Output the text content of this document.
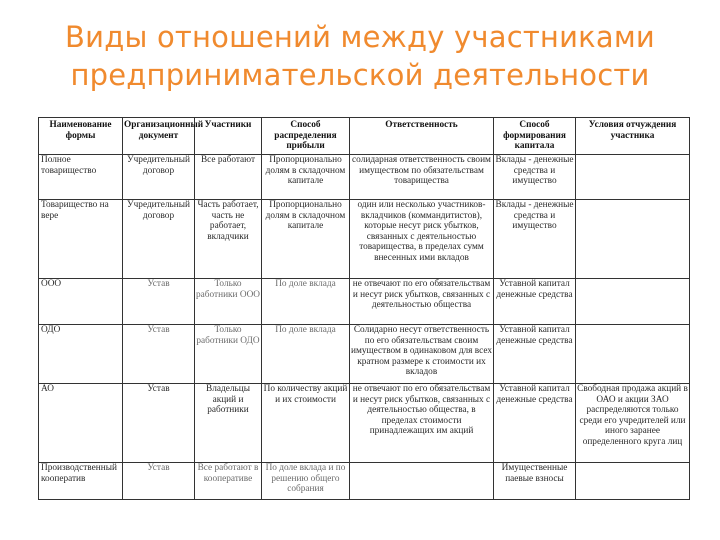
Виды отношений между участниками
предпринимательской деятельности
Наименование формы	Организационный документ	Участники	Способ распределения прибыли	Ответственность	Способ формирования капитала	Условия отчуждения участника
Полное товарищество	Учредительный договор	Все работают	Пропорционально долям в складочном капитале	солидарная ответственность своим имуществом по обязательствам товарищества	Вклады - денежные средства и имущество	
Товарищество на вере	Учредительный договор	Часть работает, часть не работает, вкладчики	Пропорционально долям в складочном капитале	один или несколько участников-вкладчиков (коммандитистов), которые несут риск убытков, связанных с деятельностью товарищества, в пределах сумм внесенных ими вкладов	Вклады - денежные средства и имущество	
ООО	Устав	Только работники ООО	По доле вклада	не отвечают по его обязательствам и несут риск убытков, связанных с деятельностью общества	Уставной капитал денежные средства	
ОДО	Устав	Только работники ОДО	По доле вклада	Солидарно несут ответственность по его обязательствам своим имуществом в одинаковом для всех кратном размере к стоимости их вкладов	Уставной капитал денежные средства	
АО	Устав	Владельцы акций и работники	По количеству акций и их стоимости	не отвечают по его обязательствам и несут риск убытков, связанных с деятельностью общества, в пределах стоимости принадлежащих им акций	Уставной капитал денежные средства	Свободная продажа акций в ОАО и акции ЗАО распределяются только среди его учредителей или иного заранее определенного круга лиц
Производственный кооператив	Устав	Все работают в кооперативе	По доле вклада и по решению общего собрания		Имущественные паевые взносы	
